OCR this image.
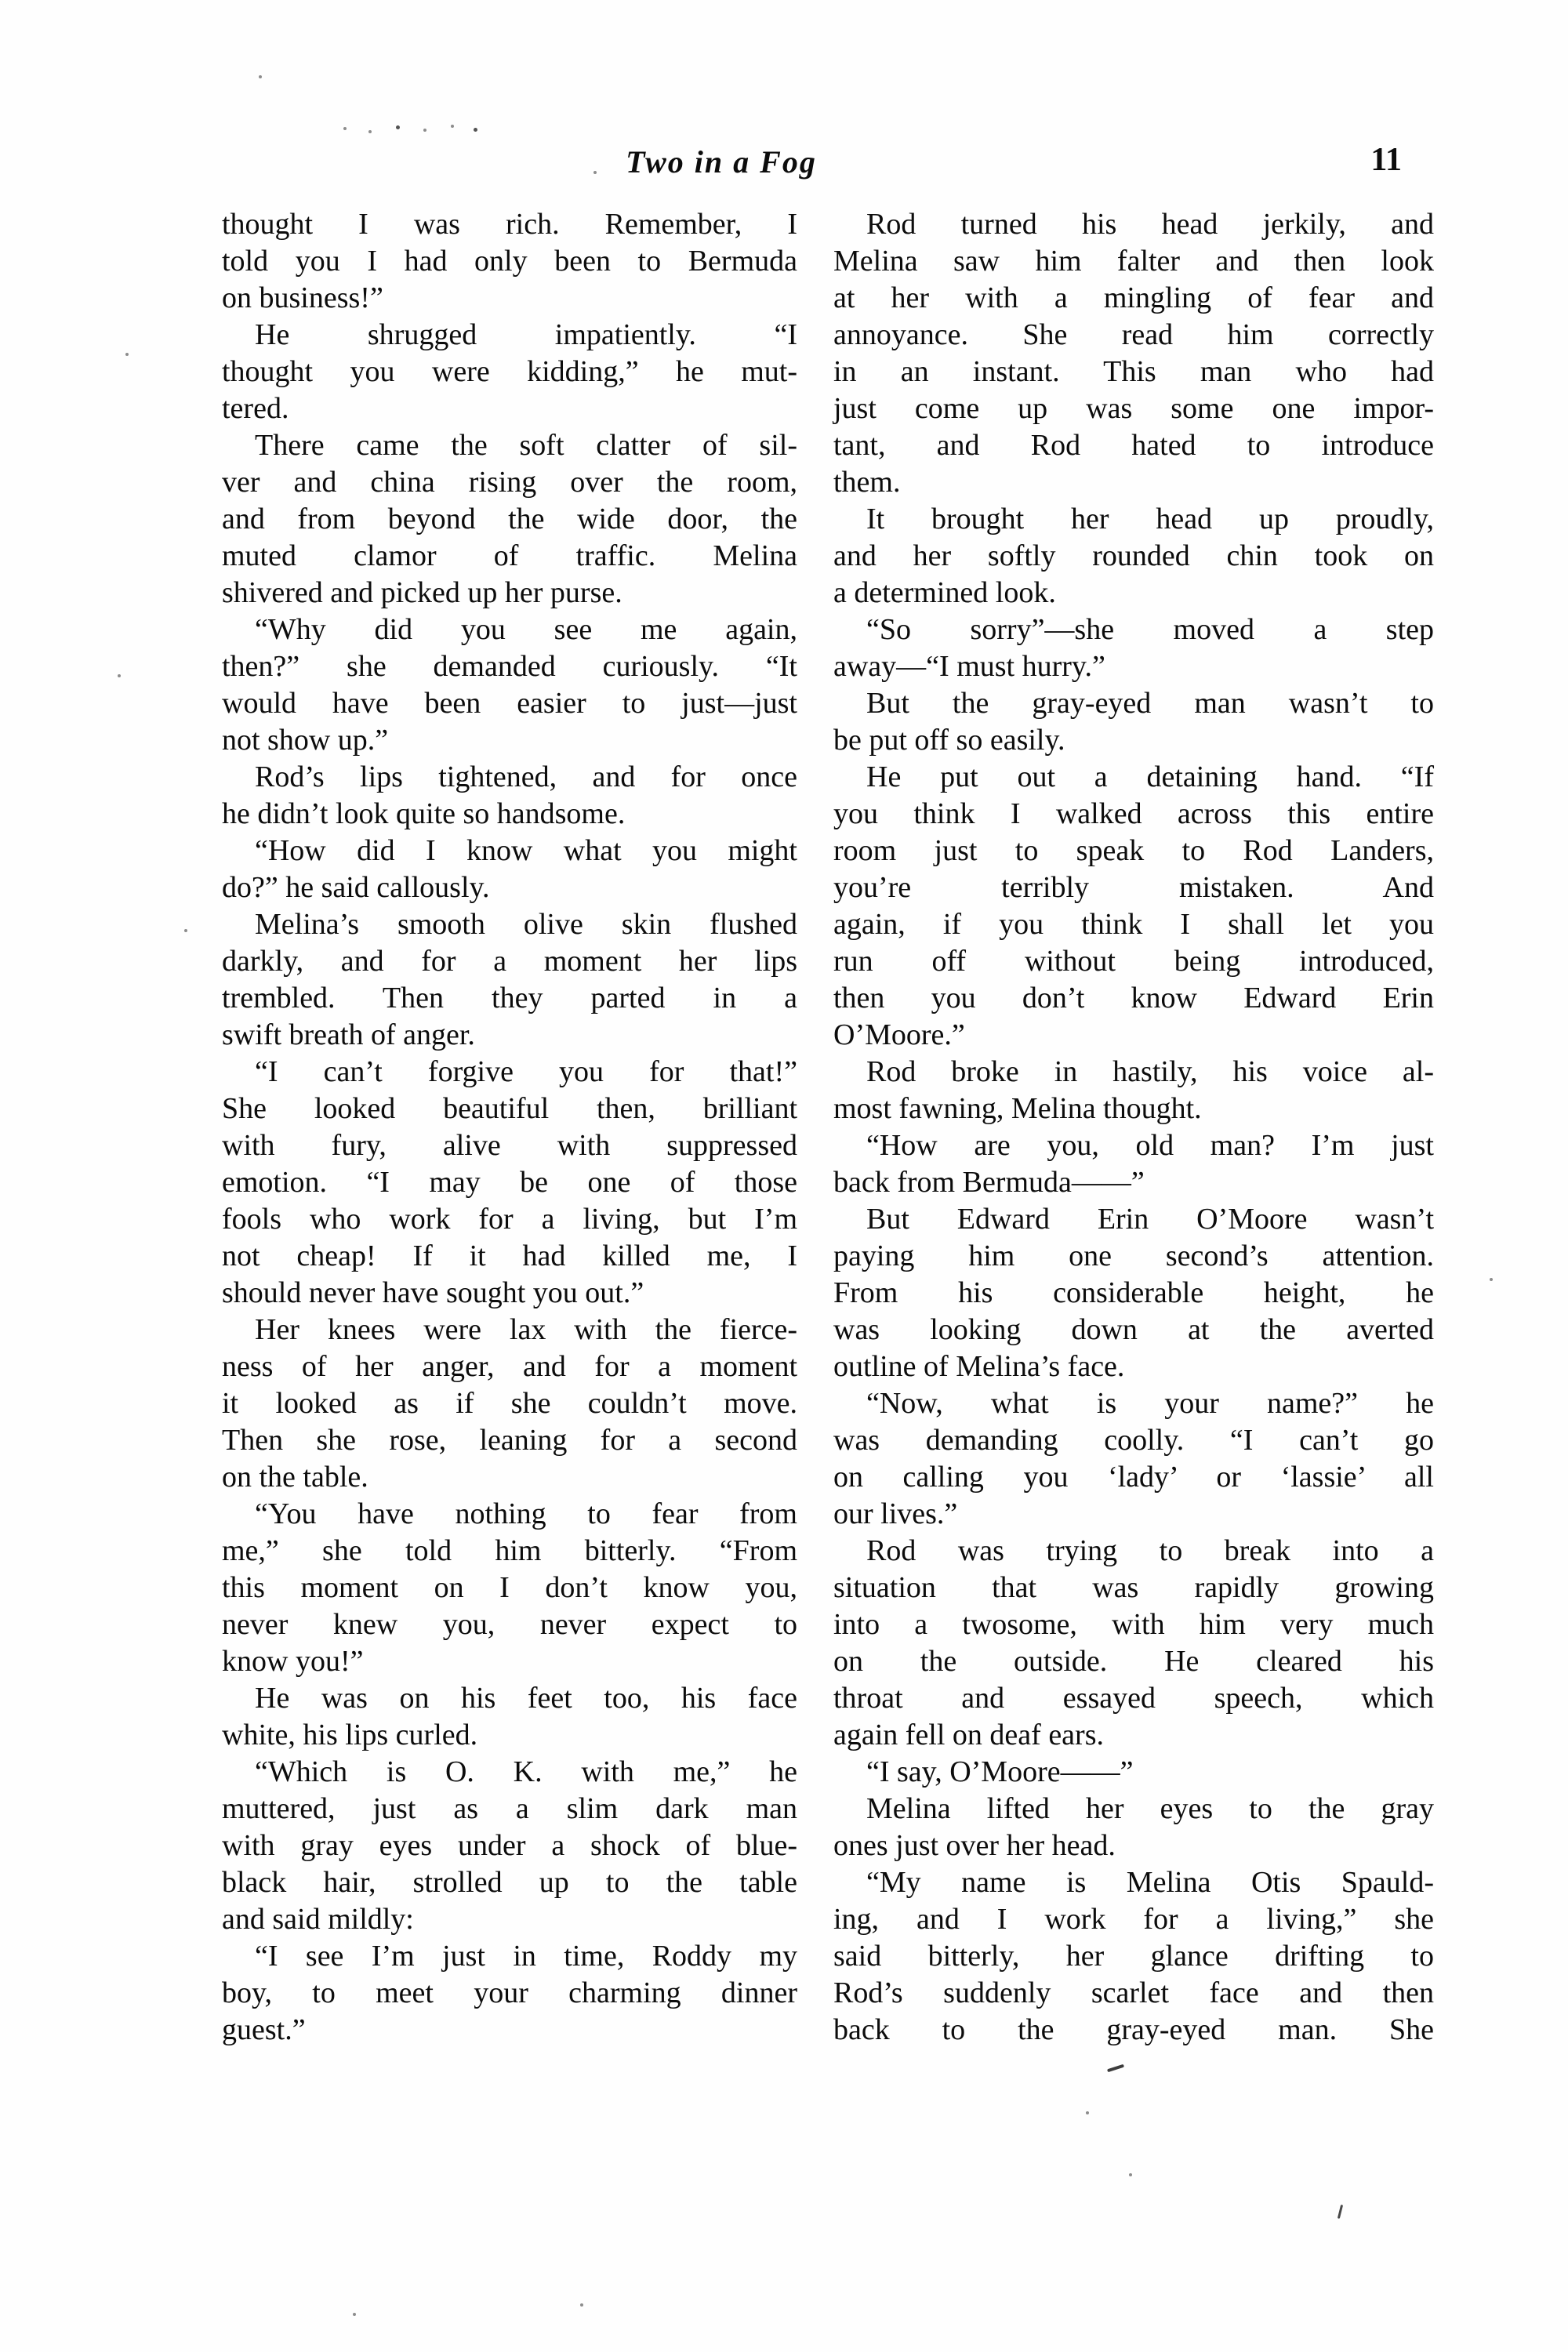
Two in a Fog	11
thought I was rich. Remember, I
told you I had only been to Bermuda
on business!”
He shrugged impatiently. “I
thought you were kidding,” he mut-
tered.
There came the soft clatter of sil-
ver and china rising over the room,
and from beyond the wide door, the
muted clamor of traffic. Melina
shivered and picked up her purse.
“Why did you see me again,
then?” she demanded curiously. “It
would have been easier to just—just
not show up.”
Rod’s lips tightened, and for once
he didn’t look quite so handsome.
“How did I know what you might
do?” he said callously.
Melina’s smooth olive skin flushed
darkly, and for a moment her lips
trembled. Then they parted in a
swift breath of anger.
“I can’t forgive you for that!”
She looked beautiful then, brilliant
with fury, alive with suppressed
emotion. “I may be one of those
fools who work for a living, but I’m
not cheap! If it had killed me, I
should never have sought you out.”
Her knees were lax with the fierce-
ness of her anger, and for a moment
it looked as if she couldn’t move.
Then she rose, leaning for a second
on the table.
“You have nothing to fear from
me,” she told him bitterly. “From
this moment on I don’t know you,
never knew you, never expect to
know you!”
He was on his feet too, his face
white, his lips curled.
“Which is O. K. with me,” he
muttered, just as a slim dark man
with gray eyes under a shock of blue-
black hair, strolled up to the table
and said mildly:
“I see I’m just in time, Roddy my
boy, to meet your charming dinner
guest.”
Rod turned his head jerkily, and
Melina saw him falter and then look
at her with a mingling of fear and
annoyance. She read him correctly
in an instant. This man who had
just come up was some one impor-
tant, and Rod hated to introduce
them.
It brought her head up proudly,
and her softly rounded chin took on
a determined look.
“So sorry”—she moved a step
away—“I must hurry.”
But the gray-eyed man wasn’t to
be put off so easily.
He put out a detaining hand. “If
you think I walked across this entire
room just to speak to Rod Landers,
you’re terribly mistaken. And
again, if you think I shall let you
run off without being introduced,
then you don’t know Edward Erin
O’Moore.”
Rod broke in hastily, his voice al-
most fawning, Melina thought.
“How are you, old man? I’m just
back from Bermuda——”
But Edward Erin O’Moore wasn’t
paying him one second’s attention.
From his considerable height, he
was looking down at the averted
outline of Melina’s face.
“Now, what is your name?” he
was demanding coolly. “I can’t go
on calling you ‘lady’ or ‘lassie’ all
our lives.”
Rod was trying to break into a
situation that was rapidly growing
into a twosome, with him very much
on the outside. He cleared his
throat and essayed speech, which
again fell on deaf ears.
“I say, O’Moore——”
Melina lifted her eyes to the gray
ones just over her head.
“My name is Melina Otis Spauld-
ing, and I work for a living,” she
said bitterly, her glance drifting to
Rod’s suddenly scarlet face and then
back to the gray-eyed man. She
